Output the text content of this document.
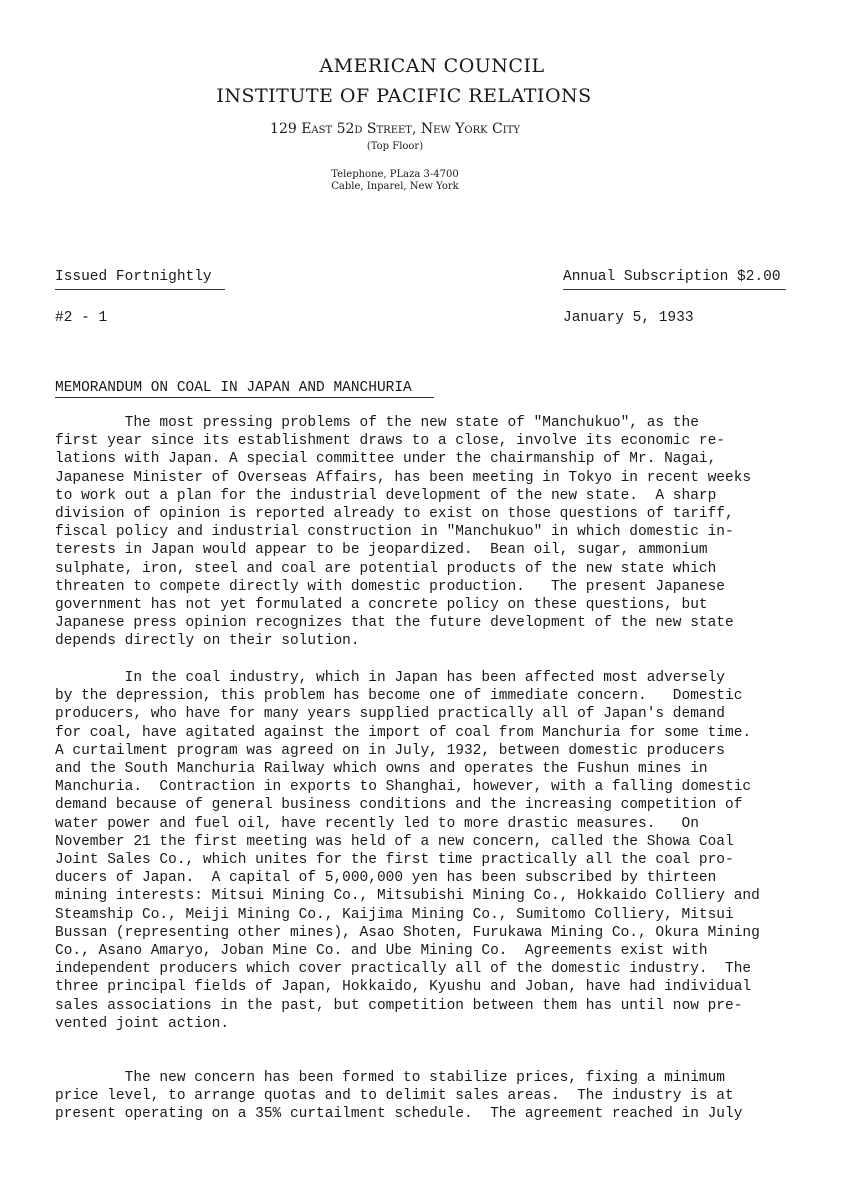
AMERICAN COUNCIL
INSTITUTE OF PACIFIC RELATIONS
129 East 52d Street, New York City
(Top Floor)
Telephone, PLaza 3-4700
Cable, Inparel, New York
Issued Fortnightly	Annual Subscription $2.00
#2 - 1	January 5, 1933
MEMORANDUM ON COAL IN JAPAN AND MANCHURIA
The most pressing problems of the new state of "Manchukuo", as the
first year since its establishment draws to a close, involve its economic re-
lations with Japan. A special committee under the chairmanship of Mr. Nagai,
Japanese Minister of Overseas Affairs, has been meeting in Tokyo in recent weeks
to work out a plan for the industrial development of the new state.  A sharp
division of opinion is reported already to exist on those questions of tariff,
fiscal policy and industrial construction in "Manchukuo" in which domestic in-
terests in Japan would appear to be jeopardized.  Bean oil, sugar, ammonium
sulphate, iron, steel and coal are potential products of the new state which
threaten to compete directly with domestic production.   The present Japanese
government has not yet formulated a concrete policy on these questions, but
Japanese press opinion recognizes that the future development of the new state
depends directly on their solution.
In the coal industry, which in Japan has been affected most adversely
by the depression, this problem has become one of immediate concern.   Domestic
producers, who have for many years supplied practically all of Japan's demand
for coal, have agitated against the import of coal from Manchuria for some time.
A curtailment program was agreed on in July, 1932, between domestic producers
and the South Manchuria Railway which owns and operates the Fushun mines in
Manchuria.  Contraction in exports to Shanghai, however, with a falling domestic
demand because of general business conditions and the increasing competition of
water power and fuel oil, have recently led to more drastic measures.   On
November 21 the first meeting was held of a new concern, called the Showa Coal
Joint Sales Co., which unites for the first time practically all the coal pro-
ducers of Japan.  A capital of 5,000,000 yen has been subscribed by thirteen
mining interests: Mitsui Mining Co., Mitsubishi Mining Co., Hokkaido Colliery and
Steamship Co., Meiji Mining Co., Kaijima Mining Co., Sumitomo Colliery, Mitsui
Bussan (representing other mines), Asao Shoten, Furukawa Mining Co., Okura Mining
Co., Asano Amaryo, Joban Mine Co. and Ube Mining Co.  Agreements exist with
independent producers which cover practically all of the domestic industry.  The
three principal fields of Japan, Hokkaido, Kyushu and Joban, have had individual
sales associations in the past, but competition between them has until now pre-
vented joint action.
The new concern has been formed to stabilize prices, fixing a minimum
price level, to arrange quotas and to delimit sales areas.  The industry is at
present operating on a 35% curtailment schedule.  The agreement reached in July
